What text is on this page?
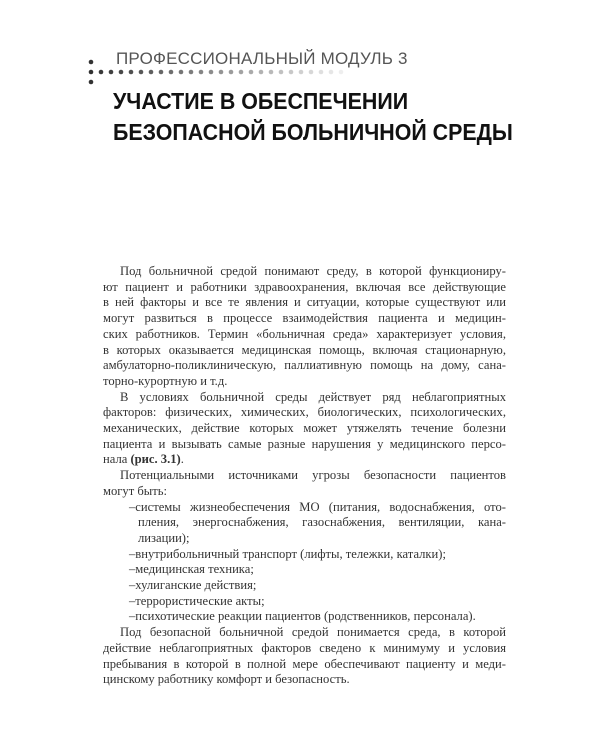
ПРОФЕССИОНАЛЬНЫЙ МОДУЛЬ 3
УЧАСТИЕ В ОБЕСПЕЧЕНИИ
БЕЗОПАСНОЙ БОЛЬНИЧНОЙ СРЕДЫ
Под больничной средой понимают среду, в которой функциониру-
ют пациент и работники здравоохранения, включая все действующие
в ней факторы и все те явления и ситуации, которые существуют или
могут развиться в процессе взаимодействия пациента и медицин-
ских работников. Термин «больничная среда» характеризует условия,
в которых оказывается медицинская помощь, включая стационарную,
амбулаторно-поликлиническую, паллиативную помощь на дому, сана-
торно-курортную и т.д.
В условиях больничной среды действует ряд неблагоприятных
факторов: физических, химических, биологических, психологических,
механических, действие которых может утяжелять течение болезни
пациента и вызывать самые разные нарушения у медицинского персо-
нала (рис. 3.1).
Потенциальными источниками угрозы безопасности пациентов
могут быть:
–системы жизнеобеспечения МО (питания, водоснабжения, ото-
пления, энергоснабжения, газоснабжения, вентиляции, кана-
лизации);
–внутрибольничный транспорт (лифты, тележки, каталки);
–медицинская техника;
–хулиганские действия;
–террористические акты;
–психотические реакции пациентов (родственников, персонала).
Под безопасной больничной средой понимается среда, в которой
действие неблагоприятных факторов сведено к минимуму и условия
пребывания в которой в полной мере обеспечивают пациенту и меди-
цинскому работнику комфорт и безопасность.
